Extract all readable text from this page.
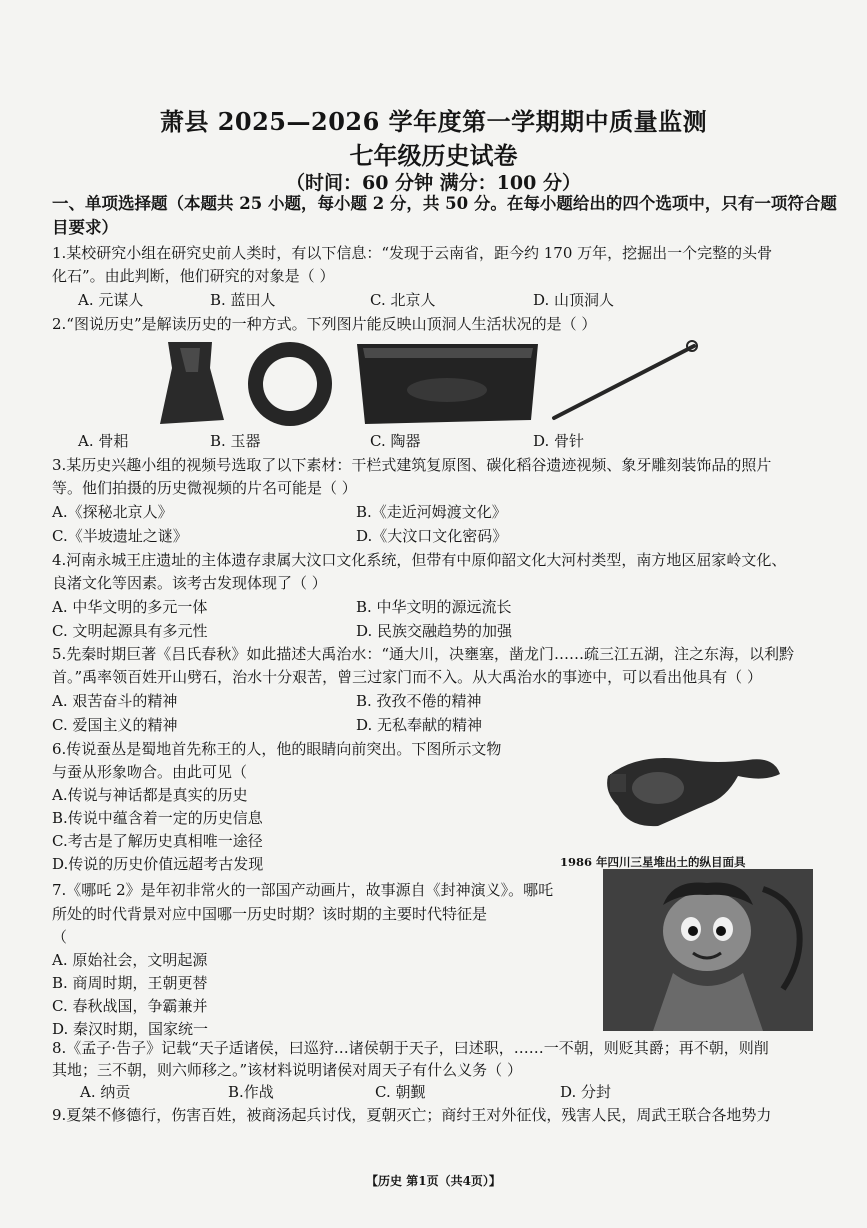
萧县 2025—2026 学年度第一学期期中质量监测
七年级历史试卷
（时间：60 分钟 满分：100 分）
一、单项选择题（本题共 25 小题，每小题 2 分，共 50 分。在每小题给出的四个选项中，只有一项符合题目要求）
1.某校研究小组在研究史前人类时，有以下信息：“发现于云南省，距今约 170 万年，挖掘出一个完整的头骨
化石”。由此判断，他们研究的对象是（ ）
A. 元谋人	B. 蓝田人	C. 北京人	D. 山顶洞人
2.“图说历史”是解读历史的一种方式。下列图片能反映山顶洞人生活状况的是（ ）
A. 骨耜	B. 玉器	C. 陶器	D. 骨针
3.某历史兴趣小组的视频号选取了以下素材：干栏式建筑复原图、碳化稻谷遗迹视频、象牙雕刻装饰品的照片
等。他们拍摄的历史微视频的片名可能是（ ）
A.《探秘北京人》	B.《走近河姆渡文化》
C.《半坡遗址之谜》	D.《大汶口文化密码》
4.河南永城王庄遗址的主体遗存隶属大汶口文化系统，但带有中原仰韶文化大河村类型，南方地区屈家岭文化、
良渚文化等因素。该考古发现体现了（ ）
A. 中华文明的多元一体	B. 中华文明的源远流长
C. 文明起源具有多元性	D. 民族交融趋势的加强
5.先秦时期巨著《吕氏春秋》如此描述大禹治水：“通大川，决壅塞，凿龙门……疏三江五湖，注之东海，以利黔
首。”禹率领百姓开山劈石，治水十分艰苦，曾三过家门而不入。从大禹治水的事迹中，可以看出他具有（ ）
A. 艰苦奋斗的精神	B. 孜孜不倦的精神
C. 爱国主义的精神	D. 无私奉献的精神
6.传说蚕丛是蜀地首先称王的人，他的眼睛向前突出。下图所示文物
与蚕从形象吻合。由此可见（
A.传说与神话都是真实的历史
B.传说中蕴含着一定的历史信息
C.考古是了解历史真相唯一途径
D.传说的历史价值远超考古发现	1986 年四川三星堆出土的纵目面具
7.《哪吒 2》是年初非常火的一部国产动画片，故事源自《封神演义》。哪吒
所处的时代背景对应中国哪一历史时期？该时期的主要时代特征是
（
A. 原始社会，文明起源
B. 商周时期，王朝更替
C. 春秋战国，争霸兼并
D. 秦汉时期，国家统一
8.《孟子·告子》记载“天子适诸侯，曰巡狩…诸侯朝于天子，曰述职，……一不朝，则贬其爵；再不朝，则削
其地；三不朝，则六师移之。”该材料说明诸侯对周天子有什么义务（ ）
A. 纳贡	B.作战	C. 朝觐	D. 分封
9.夏桀不修德行，伤害百姓，被商汤起兵讨伐，夏朝灭亡；商纣王对外征伐，残害人民，周武王联合各地势力
【历史 第1页（共4页）】
